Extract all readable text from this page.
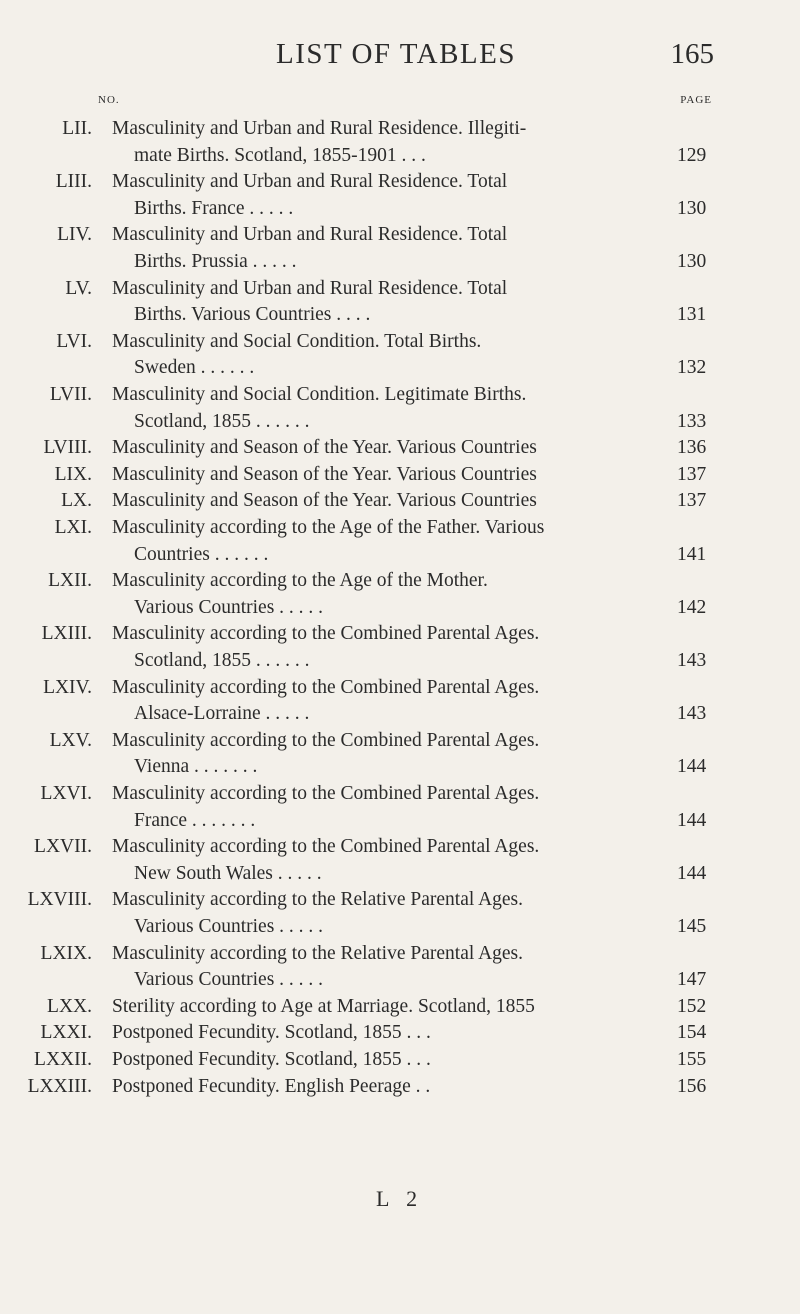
LIST OF TABLES	165
NO.	PAGE
LII. Masculinity and Urban and Rural Residence. Illegiti-
mate Births. Scotland, 1855-1901 . . .	129
LIII. Masculinity and Urban and Rural Residence. Total
Births. France . . . . .	130
LIV. Masculinity and Urban and Rural Residence. Total
Births. Prussia . . . . .	130
LV. Masculinity and Urban and Rural Residence. Total
Births. Various Countries . . . .	131
LVI. Masculinity and Social Condition. Total Births.
Sweden . . . . . .	132
LVII. Masculinity and Social Condition. Legitimate Births.
Scotland, 1855 . . . . . .	133
LVIII. Masculinity and Season of the Year. Various Countries	136
LIX. Masculinity and Season of the Year. Various Countries	137
LX. Masculinity and Season of the Year. Various Countries	137
LXI. Masculinity according to the Age of the Father. Various
Countries . . . . . .	141
LXII. Masculinity according to the Age of the Mother.
Various Countries . . . . .	142
LXIII. Masculinity according to the Combined Parental Ages.
Scotland, 1855 . . . . . .	143
LXIV. Masculinity according to the Combined Parental Ages.
Alsace-Lorraine . . . . .	143
LXV. Masculinity according to the Combined Parental Ages.
Vienna . . . . . . .	144
LXVI. Masculinity according to the Combined Parental Ages.
France . . . . . . .	144
LXVII. Masculinity according to the Combined Parental Ages.
New South Wales . . . . .	144
LXVIII. Masculinity according to the Relative Parental Ages.
Various Countries . . . . .	145
LXIX. Masculinity according to the Relative Parental Ages.
Various Countries . . . . .	147
LXX. Sterility according to Age at Marriage. Scotland, 1855	152
LXXI. Postponed Fecundity. Scotland, 1855 . . .	154
LXXII. Postponed Fecundity. Scotland, 1855 . . .	155
LXXIII. Postponed Fecundity. English Peerage . .	156
L 2
